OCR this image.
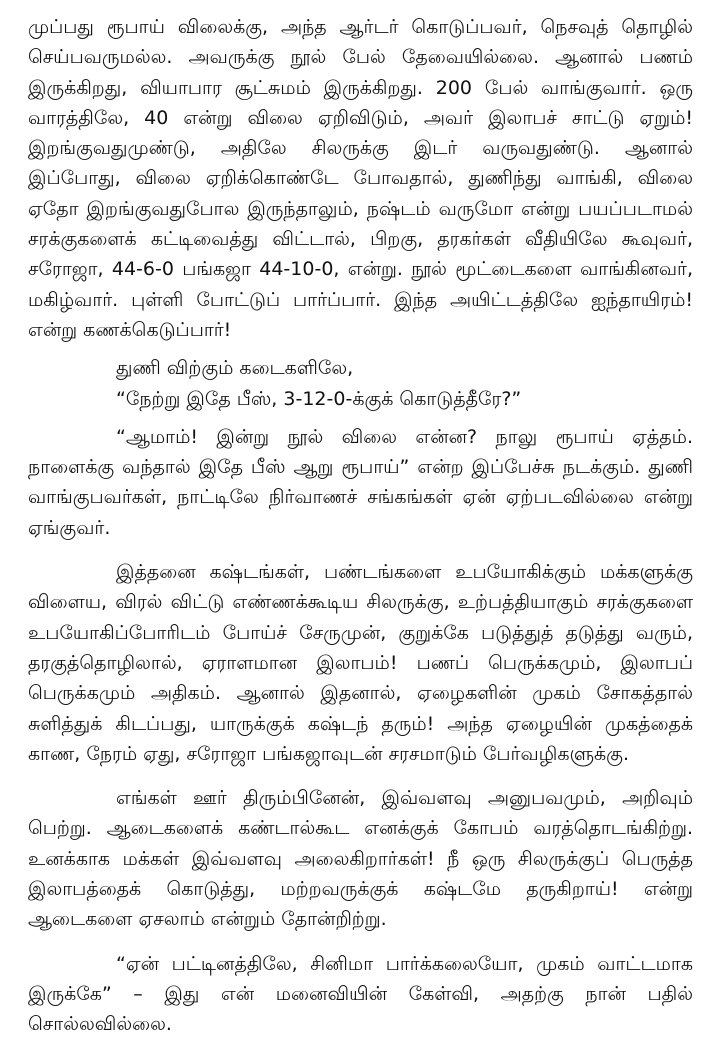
முப்பது ரூபாய் விலைக்கு, அந்த ஆர்டர் கொடுப்பவர், நெசவுத் தொழில் செய்பவருமல்ல. அவருக்கு நூல் பேல் தேவையில்லை. ஆனால் பணம் இருக்கிறது, வியாபார சூட்சுமம் இருக்கிறது. 200 பேல் வாங்குவார். ஒரு வாரத்திலே, 40 என்று விலை ஏறிவிடும், அவர் இலாபச் சாட்டு ஏறும்! இறங்குவதுமுண்டு, அதிலே சிலருக்கு இடர் வருவதுண்டு. ஆனால் இப்போது, விலை ஏறிக்கொண்டே போவதால், துணிந்து வாங்கி, விலை ஏதோ இறங்குவதுபோல இருந்தாலும், நஷ்டம் வருமோ என்று பயப்படாமல் சரக்குகளைக் கட்டிவைத்து விட்டால், பிறகு, தரகர்கள் வீதியிலே கூவுவர், சரோஜா, 44-6-0 பங்கஜா 44-10-0, என்று. நூல் மூட்டைகளை வாங்கினவர், மகிழ்வார். புள்ளி போட்டுப் பார்ப்பார். இந்த அயிட்டத்திலே ஐந்தாயிரம்! என்று கணக்கெடுப்பார்!

துணி விற்கும் கடைகளிலே,

“நேற்று இதே பீஸ், 3-12-0-க்குக் கொடுத்தீரே?”

“ஆமாம்! இன்று நூல் விலை என்ன? நாலு ரூபாய் ஏத்தம். நாளைக்கு வந்தால் இதே பீஸ் ஆறு ரூபாய்” என்ற இப்பேச்சு நடக்கும். துணி வாங்குபவர்கள், நாட்டிலே நிர்வாணச் சங்கங்கள் ஏன் ஏற்படவில்லை என்று ஏங்குவர்.

இத்தனை கஷ்டங்கள், பண்டங்களை உபயோகிக்கும் மக்களுக்கு விளைய, விரல் விட்டு எண்ணக்கூடிய சிலருக்கு, உற்பத்தியாகும் சரக்குகளை உபயோகிப்போரிடம் போய்ச் சேருமுன், குறுக்கே படுத்துத் தடுத்து வரும், தரகுத்தொழிலால், ஏராளமான இலாபம்! பணப் பெருக்கமும், இலாபப் பெருக்கமும் அதிகம். ஆனால் இதனால், ஏழைகளின் முகம் சோகத்தால் சுளித்துக் கிடப்பது, யாருக்குக் கஷ்டந் தரும்! அந்த ஏழையின் முகத்தைக் காண, நேரம் ஏது, சரோஜா பங்கஜாவுடன் சரசமாடும் பேர்வழிகளுக்கு.

எங்கள் ஊர் திரும்பினேன், இவ்வளவு அனுபவமும், அறிவும் பெற்று. ஆடைகளைக் கண்டால்கூட எனக்குக் கோபம் வரத்தொடங்கிற்று. உனக்காக மக்கள் இவ்வளவு அலைகிறார்கள்! நீ ஒரு சிலருக்குப் பெருத்த இலாபத்தைக் கொடுத்து, மற்றவருக்குக் கஷ்டமே தருகிறாய்! என்று ஆடைகளை ஏசலாம் என்றும் தோன்றிற்று.

“ஏன் பட்டினத்திலே, சினிமா பார்க்கலையோ, முகம் வாட்டமாக இருக்கே” – இது என் மனைவியின் கேள்வி, அதற்கு நான் பதில் சொல்லவில்லை.
